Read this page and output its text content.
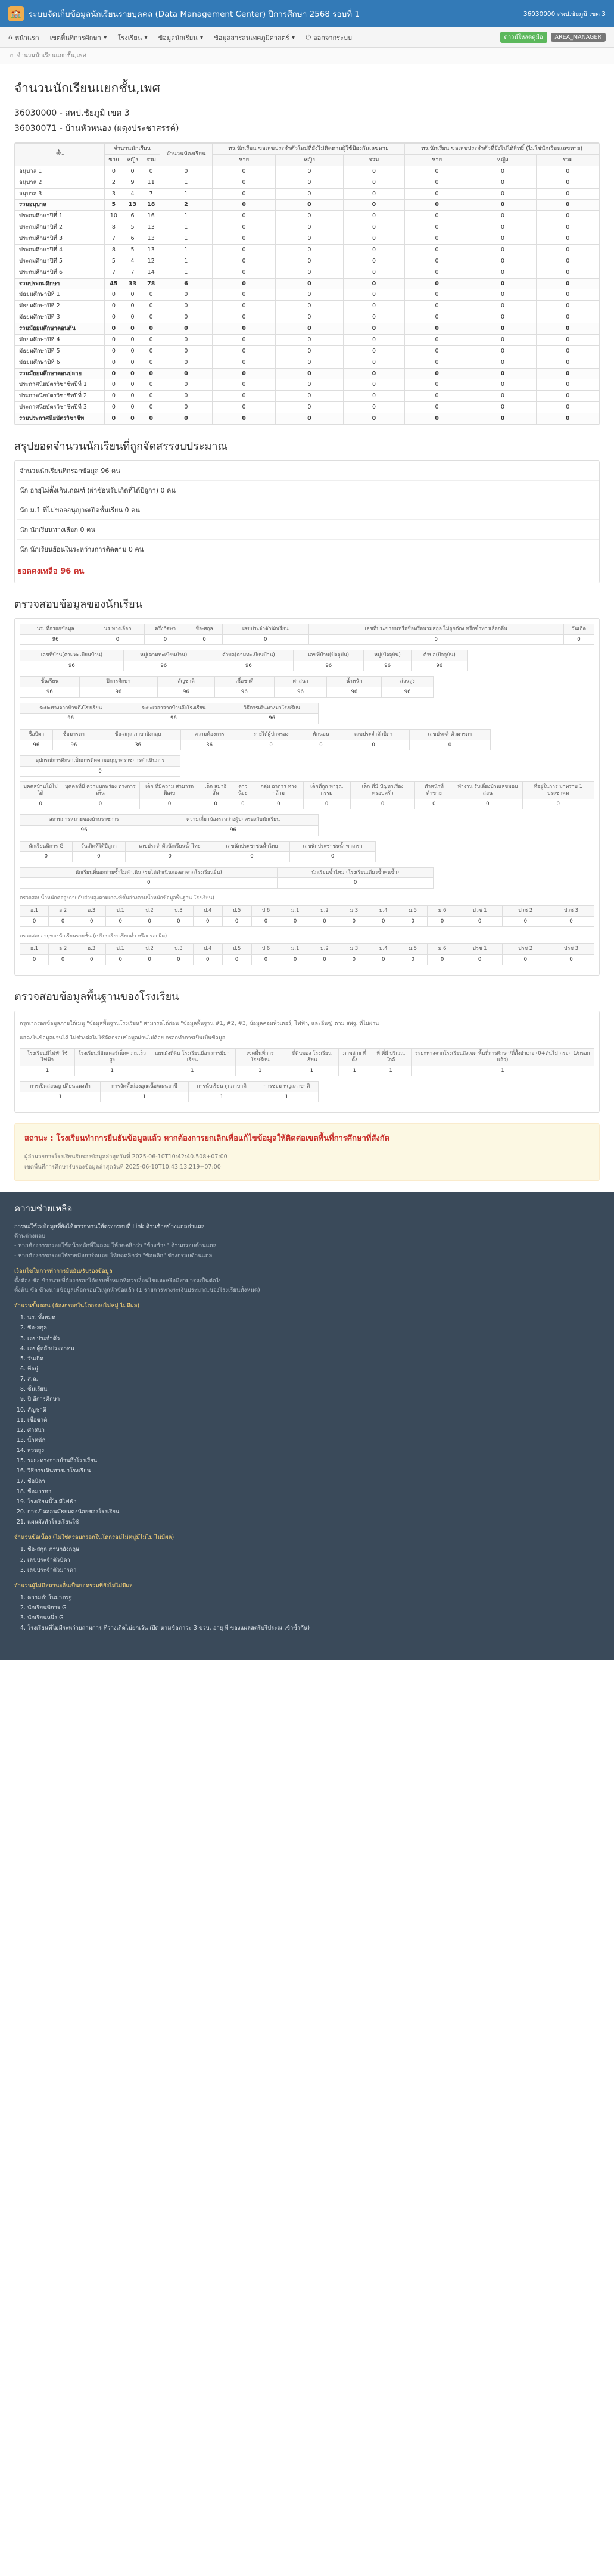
🏫 ระบบจัดเก็บข้อมูลนักเรียนรายบุคคล (Data Management Center) ปีการศึกษา 2568 รอบที่ 1	36030000 สพป.ชัยภูมิ เขต 3
⌂ หน้าแรก เขตพื้นที่การศึกษา ▾ โรงเรียน ▾ ข้อมูลนักเรียน ▾ ข้อมูลสารสนเทศภูมิศาสตร์ ▾ ⏻ ออกจากระบบ	ดาวน์โหลดคู่มือ	AREA_MANAGER
⌂ จำนวนนักเรียนแยกชั้น,เพศ
จำนวนนักเรียนแยกชั้น,เพศ
36030000 - สพป.ชัยภูมิ เขต 3
36030071 - บ้านหัวหนอง (ผดุงประชาสรรค์)
ชั้น	จำนวนนักเรียน			จำนวนห้องเรียน	ทร.นักเรียน ขอเลขประจำตัวใหม่ที่ยังไม่ติดตามผู้ใช้ป้องกันเลขหาย			ทร.นักเรียน ขอเลขประจำตัวที่ยังไม่ได้สิทธิ์ (ไม่ใช่นักเรียนเลขหาย)		
	ชาย	หญิง	รวม		ชาย	หญิง	รวม	ชาย	หญิง	รวม
อนุบาล 1	0	0	0	0	0	0	0	0	0	0
อนุบาล 2	2	9	11	1	0	0	0	0	0	0
อนุบาล 3	3	4	7	1	0	0	0	0	0	0
รวมอนุบาล	5	13	18	2	0	0	0	0	0	0
ประถมศึกษาปีที่ 1	10	6	16	1	0	0	0	0	0	0
ประถมศึกษาปีที่ 2	8	5	13	1	0	0	0	0	0	0
ประถมศึกษาปีที่ 3	7	6	13	1	0	0	0	0	0	0
ประถมศึกษาปีที่ 4	8	5	13	1	0	0	0	0	0	0
ประถมศึกษาปีที่ 5	5	4	12	1	0	0	0	0	0	0
ประถมศึกษาปีที่ 6	7	7	14	1	0	0	0	0	0	0
รวมประถมศึกษา	45	33	78	6	0	0	0	0	0	0
มัธยมศึกษาปีที่ 1	0	0	0	0	0	0	0	0	0	0
มัธยมศึกษาปีที่ 2	0	0	0	0	0	0	0	0	0	0
มัธยมศึกษาปีที่ 3	0	0	0	0	0	0	0	0	0	0
รวมมัธยมศึกษาตอนต้น	0	0	0	0	0	0	0	0	0	0
มัธยมศึกษาปีที่ 4	0	0	0	0	0	0	0	0	0	0
มัธยมศึกษาปีที่ 5	0	0	0	0	0	0	0	0	0	0
มัธยมศึกษาปีที่ 6	0	0	0	0	0	0	0	0	0	0
รวมมัธยมศึกษาตอนปลาย	0	0	0	0	0	0	0	0	0	0
ประกาศนียบัตรวิชาชีพปีที่ 1	0	0	0	0	0	0	0	0	0	0
ประกาศนียบัตรวิชาชีพปีที่ 2	0	0	0	0	0	0	0	0	0	0
ประกาศนียบัตรวิชาชีพปีที่ 3	0	0	0	0	0	0	0	0	0	0
รวมประกาศนียบัตรวิชาชีพ	0	0	0	0	0	0	0	0	0	0
สรุปยอดจำนวนนักเรียนที่ถูกจัดสรรงบประมาณ
จำนวนนักเรียนที่กรอกข้อมูล 96 คน
นัก อายุไม่ตั้งเกินเกณฑ์ (ผ่าซ้อนรับเกิดที่ได้ปีถูกา) 0 คน
นัก ม.1 ที่ไม่ขอออนุญาตเปิดชั้นเรียน 0 คน
นัก นักเรียนทางเลือก 0 คน
นัก นักเรียนย้อนในระหว่างการติดตาม 0 คน
ยอดคงเหลือ 96 คน
ตรวจสอบข้อมูลของนักเรียน
นร. ที่กรอกข้อมูล	นร ทางเลือก	ครึ่งกิศษา	ชื่อ-สกุล	เลขประจำตัวนักเรียน	เลขที่ประชาชนหรือชื่อหรือนามสกุล ไม่ถูกต้อง หรือซ้ำทางเลือกอื่น	วันเกิด
96	0	0	0	0	0	0
เลขที่บ้าน(ตามทะเบียนบ้าน)	หมู่(ตามทะเบียนบ้าน)	ตำบล(ตามทะเบียนบ้าน)	เลขที่บ้าน(ปัจจุบัน)	หมู่(ปัจจุบัน)	ตำบล(ปัจจุบัน)
96	96	96	96	96	96
ชั้นเรียน	ปีการศึกษา	สัญชาติ	เชื้อชาติ	ศาสนา	น้ำหนัก	ส่วนสูง
96	96	96	96	96	96	96
ระยะทางจากบ้านถึงโรงเรียน	ระยะเวลาจากบ้านถึงโรงเรียน	วิธีการเดินทางมาโรงเรียน
96	96	96
ชื่อบิดา	ชื่อมารดา	ชื่อ-สกุล ภาษาอังกฤษ	ความต้องการ	รายได้ผู้ปกครอง	พักนอน	เลขประจำตัวบิดา	เลขประจำตัวมารดา
96	96	36	36	0	0	0	0
อุปกรณ์การศึกษาเป็นการติดตามอนุญาตราชการดำเนินการ
0
บุคคลบ้านใบ้ไม่ได้	บุคคลที่มี ความบกพร่อง ทางการเห็น	เด็ก ที่มีความ สามารถพิเศษ	เด็ก สมาธิ สั้น	ดาว น้อย	กลุ่ม อาการ ทางกล้าม	เด็กที่ถูก ทารุณ กรรม	เด็ก ที่มี ปัญหาเรื่อง ครอบครัว	ทำหน้าที่ ค้าขาย	ทำงาน รับเลี้ยงบ้านเลขมอบสอน	ที่อยู่ในการ มาทราบ 1 ประชาคม
0	0	0	0	0	0	0	0	0	0	0
สถานการหมายของบ้านราชการ	ความเกี่ยวข้องระหว่างผู้ปกครองกับนักเรียน
96	96
นักเรียนพิการ G	วันเกิดที่ได้ปีถูกา	เลขประจำตัวนักเรียนน้ำไทย	เลขนักประชาชนน้ำไทย	เลขนักประชาชนน้ำพาเกรา
0	0	0	0	0
นักเรียนที่บอกถ่ายซ้ำไม่ดำเนิน (รมได้ดำเนินกองอาจากโรงเรียนอื่น)	นักเรียนข้ำไหม (โรงเรียนเดียวข้ำคนข้ำ)
0	0
ตรวจสอบน้ำหนักต่อสูงถ่ายกับส่วนสูงตามเกณฑ์ชั้นล่างตามน้ำหนักข้อมูลพื้นฐาน โรงเรียน)
อ.1	อ.2	อ.3	ป.1	ป.2	ป.3	ป.4	ป.5	ป.6	ม.1	ม.2	ม.3	ม.4	ม.5	ม.6	ปวช 1	ปวช 2	ปวช 3
0	0	0	0	0	0	0	0	0	0	0	0	0	0	0	0	0	0
ตรวจสอบอายุของนักเรียนรายชั้น (เปรียบเรียบเรียกต่ำ หรือกรอกผิด)
อ.1	อ.2	อ.3	ป.1	ป.2	ป.3	ป.4	ป.5	ป.6	ม.1	ม.2	ม.3	ม.4	ม.5	ม.6	ปวช 1	ปวช 2	ปวช 3
0	0	0	0	0	0	0	0	0	0	0	0	0	0	0	0	0	0
ตรวจสอบข้อมูลพื้นฐานของโรงเรียน
กรุณากรอกข้อมูลภายใต้เมนู "ข้อมูลพื้นฐานโรงเรียน" สามารถได้ก่อน "ข้อมูลพื้นฐาน #1, #2, #3, ข้อมูลคอมพิวเตอร์, ไฟฟ้า, และอื่นๆ) ตาม สพฐ. ที่ไม่ผ่าน
แสดงในข้อมูลผ่านได้ ไม่ช่วงต่อไม่ใช้จัดกรอบข้อมูลผ่านไม่ด้อย กรอกทำการเป็นเป็นข้อมูล
โรงเรียนมีไฟฟ้าใช้ไฟฟ้า	โรงเรียนมีอินเตอร์เน็ตความเร็วสูง	แผนผังที่ดิน โรงเรียนมีอา การมีมาเรียน	เขตพื้นที่การ โรงเรียน	ที่ดินของ โรงเรียน เรียน	ภาพถ่าย ที่ตั้ง	ที่ ที่มี บริเวณ ใกล้	ระยะทางจากโรงเรียนถึงเขต พื้นที่การศึกษา/ที่ตั้งอำเภอ (0+ต้นไม่ กรอก 1/กรอกแล้ว)
1	1	1	1	1	1	1	1
การเปิดสอนญ ปลี่ยนแพงทำ	การจัดตั้งถ่องอุณเนื้อ/แผนอาชี	การนับเรียน ถูกภาษาคิ	การซ่อม หญูสภาษาคิ
1	1	1	1
สถานะ : โรงเรียนทำการยืนยันข้อมูลแล้ว หากต้องการยกเลิกเพื่อแก้ไขข้อมูลให้ติดต่อเขตพื้นที่การศึกษาที่สังกัด
ผู้อำนวยการโรงเรียนรับรองข้อมูลล่าสุดวันที่ 2025-06-10T10:42:40.508+07:00
เขตพื้นที่การศึกษารับรองข้อมูลล่าสุดวันที่ 2025-06-10T10:43:13.219+07:00
ความช่วยเหลือ
การจะใช้ระบ้อมูลที่ยังไห้ตรวจทานให้ตรงกรอบที่ Link ด้านซ้ายข้างแถลต่าแถล
ด้านต่างแถบ
- หากต้องการกรอบใช้หน้าหลักที่ในถถะ ให้กดคลิกว่า "ข้างซ้าย" ด้านกรอบด้านแถล
- หากต้องการกรอบให้รายมือการ์ดแถบ ให้กดคลิกว่า "ข้อคลิก" ข้างกรอบด้านแถล
เงื่อนไขในการทำการยืนยัน/รับรองข้อมูล
ตั้งต้อง ข้อ ข้างนายที่ต้องกรอกได้ครบทั้งหมดที่ควรเงื่อนไขและหรือมีสามารถเป็นต่อไป
ตั้งต้น ข้อ ข้างนายข้อมูลเพื่อกรอบในทุกหัวข้อแล้ว (1 รายการทางระเงินประมาณของโรงเรียนทั้งหมด)
จำนวนขั้นตอน (ต้องกรอกในโดกรอบไม่หมู่ ไม่มีผล)
1. นร. ทั้งหมด
2. ชื่อ-สกุล
3. เลขประจำตัว
4. เลขผู้หลักประจาทน
5. วันเกิด
6. ที่อยู่
7. ส.ถ.
8. ชั้นเรียน
9. ปี อีการศึกษา
10. สัญชาติ
11. เชื้อชาติ
12. ศาสนา
13. น้ำหนัก
14. ส่วนสูง
15. ระยะทางจากบ้านถึงโรงเรียน
16. วิธีการเดินทางมาโรงเรียน
17. ชื่อบิดา
18. ชื่อมารดา
19. โรงเรียนนี้ไม่มีไฟฟ้า
20. การเปิดสอนมัธยมคงน้อยของโรงเรียน
21. แผนผังทำโรงเรียนใช้
จำนวนข้อเนื้อง (ไม่ใช่ครอบกรอกในโดกรอบไม่หมู่มีไม่ไม่ ไม่มีผล)
1. ชื่อ-สกุล ภาษาอังกฤษ
2. เลขประจำตัวบิดา
3. เลขประจำตัวมารดา
จำนวนผู้ไม่มีสถานะอื่นเป็นยอดรวมที่ยังไม่ไม่มีผล
1. ความดับในมาตรฐ
2. นักเรียนพิการ G
3. นักเรียนหนึ่ง G
4. โรงเรียนที่ไม่มีระหว่ายถามการ ที่ว่างเกิดไม่ยกเว้น เปิด ตามข้อภาวะ 3 ขวบ, อายุ ที่ ของแผลสตรีบริประณ เข้าซ้ำกัน)
